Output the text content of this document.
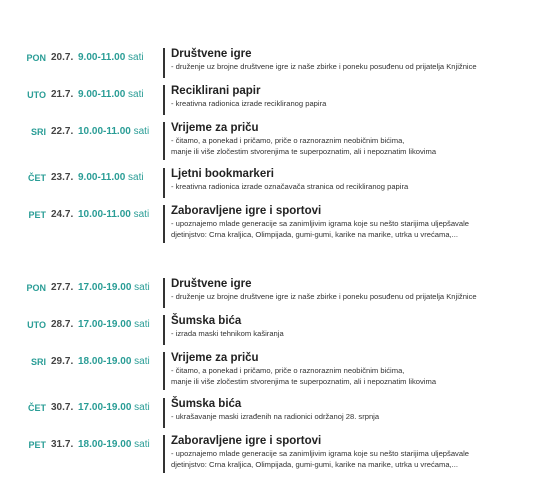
PON 20.7. 9.00-11.00 sati Društvene igre
- druženje uz brojne društvene igre iz naše zbirke i poneku posuđenu od prijatelja Knjižnice
UTO 21.7. 9.00-11.00 sati Reciklirani papir
- kreativna radionica izrade recikliranog papira
SRI 22.7. 10.00-11.00 sati Vrijeme za priču
- čitamo, a ponekad i pričamo, priče o raznoraznim neobičnim bićima,
manje ili više zločestim stvorenjima te superpoznatim, ali i nepoznatim likovima
ČET 23.7. 9.00-11.00 sati Ljetni bookmarkeri
- kreativna radionica izrade označavača stranica od recikliranog papira
PET 24.7. 10.00-11.00 sati Zaboravljene igre i sportovi
- upoznajemo mlade generacije sa zanimljivim igrama koje su nešto starijima uljepšavale
djetinjstvo: Crna kraljica, Olimpijada, gumi-gumi, karike na marike, utrka u vrećama,...
PON 27.7. 17.00-19.00 sati Društvene igre
- druženje uz brojne društvene igre iz naše zbirke i poneku posuđenu od prijatelja Knjižnice
UTO 28.7. 17.00-19.00 sati Šumska bića
- izrada maski tehnikom kaširanja
SRI 29.7. 18.00-19.00 sati Vrijeme za priču
- čitamo, a ponekad i pričamo, priče o raznoraznim neobičnim bićima,
manje ili više zločestim stvorenjima te superpoznatim, ali i nepoznatim likovima
ČET 30.7. 17.00-19.00 sati Šumska bića
- ukrašavanje maski izrađenih na radionici održanoj 28. srpnja
PET 31.7. 18.00-19.00 sati Zaboravljene igre i sportovi
- upoznajemo mlade generacije sa zanimljivim igrama koje su nešto starijima uljepšavale
djetinjstvo: Crna kraljica, Olimpijada, gumi-gumi, karike na marike, utrka u vrećama,...
